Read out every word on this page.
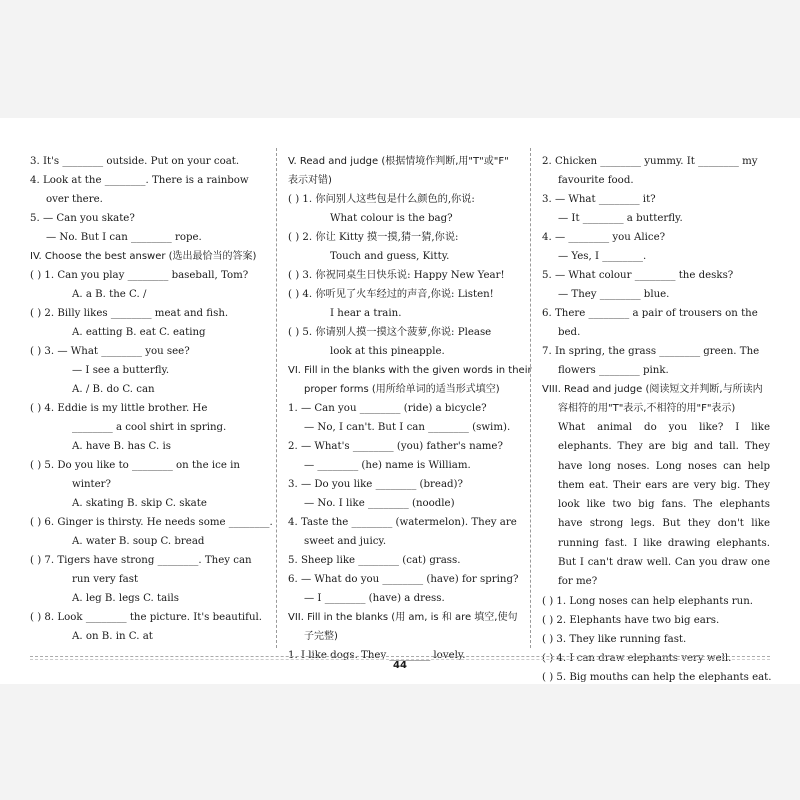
3. It's ________ outside. Put on your coat.
4. Look at the ________. There is a rainbow
over there.
5. — Can you skate?
— No. But I can ________ rope.
IV. Choose the best answer (选出最恰当的答案)
( ) 1. Can you play ________ baseball, Tom?
A. a B. the C. /
( ) 2. Billy likes ________ meat and fish.
A. eatting B. eat C. eating
( ) 3. — What ________ you see?
— I see a butterfly.
A. / B. do C. can
( ) 4. Eddie is my little brother. He
________ a cool shirt in spring.
A. have B. has C. is
( ) 5. Do you like to ________ on the ice in
winter?
A. skating B. skip C. skate
( ) 6. Ginger is thirsty. He needs some ________.
A. water B. soup C. bread
( ) 7. Tigers have strong ________. They can
run very fast
A. leg B. legs C. tails
( ) 8. Look ________ the picture. It's beautiful.
A. on B. in C. at
V. Read and judge (根据情境作判断,用"T"或"F"
表示对错)
( ) 1. 你问别人这些包是什么颜色的,你说:
What colour is the bag?
( ) 2. 你让 Kitty 摸一摸,猜一猜,你说:
Touch and guess, Kitty.
( ) 3. 你祝同桌生日快乐说: Happy New Year!
( ) 4. 你听见了火车经过的声音,你说: Listen!
I hear a train.
( ) 5. 你请别人摸一摸这个菠萝,你说: Please
look at this pineapple.
VI. Fill in the blanks with the given words in their
proper forms (用所给单词的适当形式填空)
1. — Can you ________ (ride) a bicycle?
— No, I can't. But I can ________ (swim).
2. — What's ________ (you) father's name?
— ________ (he) name is William.
3. — Do you like ________ (bread)?
— No. I like ________ (noodle)
4. Taste the ________ (watermelon). They are
sweet and juicy.
5. Sheep like ________ (cat) grass.
6. — What do you ________ (have) for spring?
— I ________ (have) a dress.
VII. Fill in the blanks (用 am, is 和 are 填空,使句
子完整)
1. I like dogs. They ________ lovely.
2. Chicken ________ yummy. It ________ my
favourite food.
3. — What ________ it?
— It ________ a butterfly.
4. — ________ you Alice?
— Yes, I ________.
5. — What colour ________ the desks?
— They ________ blue.
6. There ________ a pair of trousers on the
bed.
7. In spring, the grass ________ green. The
flowers ________ pink.
VIII. Read and judge (阅读短文并判断,与所读内
容相符的用"T"表示,不相符的用"F"表示)
What animal do you like? I like elephants. They are big and tall. They have long noses. Long noses can help them eat. Their ears are very big. They look like two big fans. The elephants have strong legs. But they don't like running fast. I like drawing elephants. But I can't draw well. Can you draw one for me?
( ) 1. Long noses can help elephants run.
( ) 2. Elephants have two big ears.
( ) 3. They like running fast.
( ) 4. I can draw elephants very well.
( ) 5. Big mouths can help the elephants eat.
44
